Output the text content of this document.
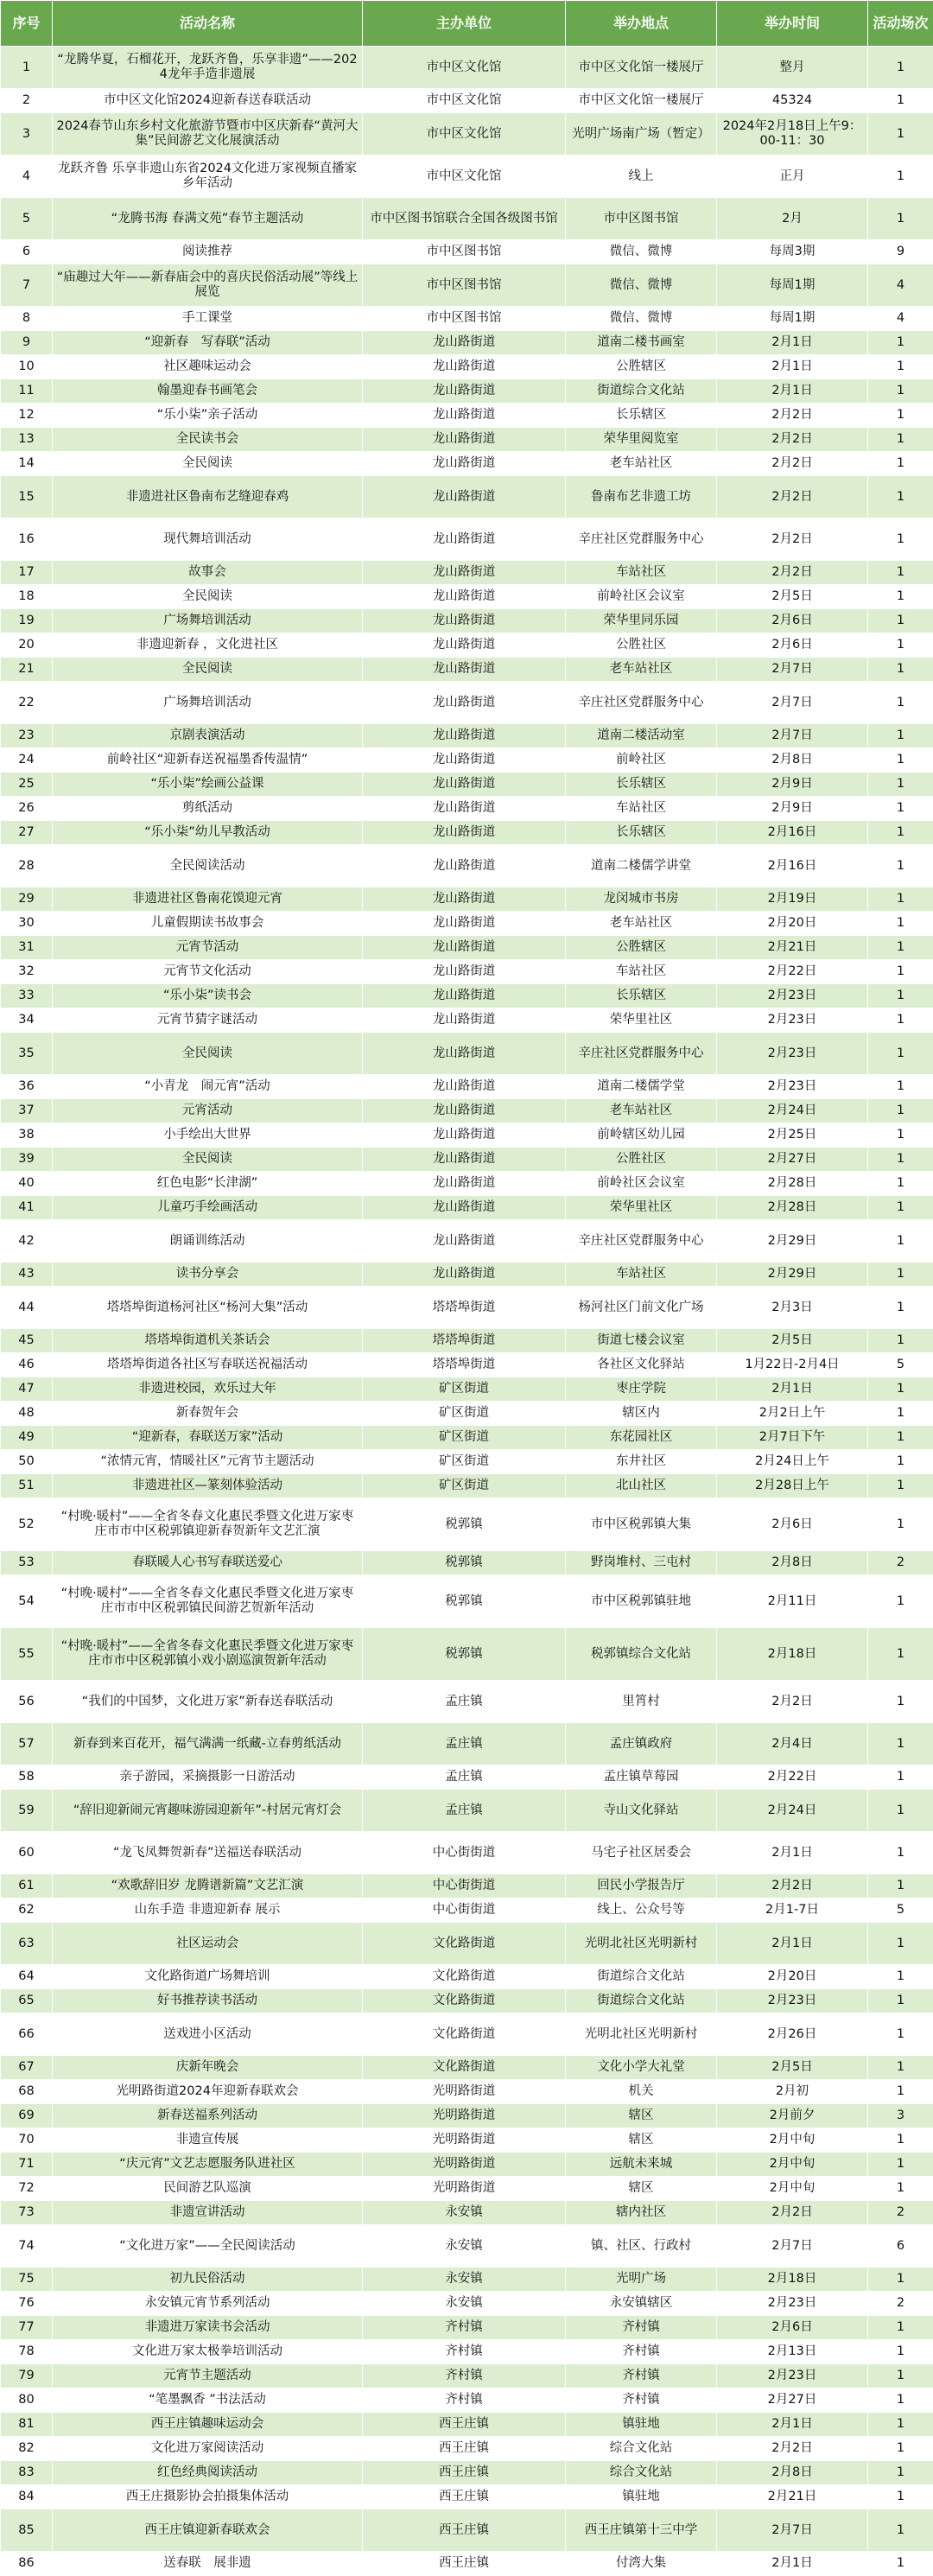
序号	活动名称	主办单位	举办地点	举办时间	活动场次
1	“龙腾华夏，石榴花开，龙跃齐鲁，乐享非遗”——2024龙年手造非遗展	市中区文化馆	市中区文化馆一楼展厅	整月	1
2	市中区文化馆2024迎新春送春联活动	市中区文化馆	市中区文化馆一楼展厅	45324	1
3	2024春节山东乡村文化旅游节暨市中区庆新春“黄河大集”民间游艺文化展演活动	市中区文化馆	光明广场南广场（暂定）	2024年2月18日上午9：00-11：30	1
4	龙跃齐鲁 乐享非遗山东省2024文化进万家视频直播家乡年活动	市中区文化馆	线上	正月	1
5	“龙腾书海 春满文苑”春节主题活动	市中区图书馆联合全国各级图书馆	市中区图书馆	2月	1
6	阅读推荐	市中区图书馆	微信、微博	每周3期	9
7	“庙趣过大年——新春庙会中的喜庆民俗活动展”等线上展览	市中区图书馆	微信、微博	每周1期	4
8	手工课堂	市中区图书馆	微信、微博	每周1期	4
9	“迎新春　写春联”活动	龙山路街道	道南二楼书画室	2月1日	1
10	社区趣味运动会	龙山路街道	公胜辖区	2月1日	1
11	翰墨迎春书画笔会	龙山路街道	街道综合文化站	2月1日	1
12	“乐小柒”亲子活动	龙山路街道	长乐辖区	2月2日	1
13	全民读书会	龙山路街道	荣华里阅览室	2月2日	1
14	全民阅读	龙山路街道	老车站社区	2月2日	1
15	非遗进社区鲁南布艺缝迎春鸡	龙山路街道	鲁南布艺非遗工坊	2月2日	1
16	现代舞培训活动	龙山路街道	辛庄社区党群服务中心	2月2日	1
17	故事会	龙山路街道	车站社区	2月2日	1
18	全民阅读	龙山路街道	前岭社区会议室	2月5日	1
19	广场舞培训活动	龙山路街道	荣华里同乐园	2月6日	1
20	非遗迎新春 ，文化进社区	龙山路街道	公胜社区	2月6日	1
21	全民阅读	龙山路街道	老车站社区	2月7日	1
22	广场舞培训活动	龙山路街道	辛庄社区党群服务中心	2月7日	1
23	京剧表演活动	龙山路街道	道南二楼活动室	2月7日	1
24	前岭社区“迎新春送祝福墨香传温情”	龙山路街道	前岭社区	2月8日	1
25	“乐小柒”绘画公益课	龙山路街道	长乐辖区	2月9日	1
26	剪纸活动	龙山路街道	车站社区	2月9日	1
27	“乐小柒”幼儿早教活动	龙山路街道	长乐辖区	2月16日	1
28	全民阅读活动	龙山路街道	道南二楼儒学讲堂	2月16日	1
29	非遗进社区鲁南花馍迎元宵	龙山路街道	龙闵城市书房	2月19日	1
30	儿童假期读书故事会	龙山路街道	老车站社区	2月20日	1
31	元宵节活动	龙山路街道	公胜辖区	2月21日	1
32	元宵节文化活动	龙山路街道	车站社区	2月22日	1
33	“乐小柒”读书会	龙山路街道	长乐辖区	2月23日	1
34	元宵节猜字谜活动	龙山路街道	荣华里社区	2月23日	1
35	全民阅读	龙山路街道	辛庄社区党群服务中心	2月23日	1
36	“小青龙　闹元宵”活动	龙山路街道	道南二楼儒学堂	2月23日	1
37	元宵活动	龙山路街道	老车站社区	2月24日	1
38	小手绘出大世界	龙山路街道	前岭辖区幼儿园	2月25日	1
39	全民阅读	龙山路街道	公胜社区	2月27日	1
40	红色电影“长津湖”	龙山路街道	前岭社区会议室	2月28日	1
41	儿童巧手绘画活动	龙山路街道	荣华里社区	2月28日	1
42	朗诵训练活动	龙山路街道	辛庄社区党群服务中心	2月29日	1
43	读书分享会	龙山路街道	车站社区	2月29日	1
44	塔塔埠街道杨河社区“杨河大集”活动	塔塔埠街道	杨河社区门前文化广场	2月3日	1
45	塔塔埠街道机关茶话会	塔塔埠街道	街道七楼会议室	2月5日	1
46	塔塔埠街道各社区写春联送祝福活动	塔塔埠街道	各社区文化驿站	1月22日-2月4日	5
47	非遗进校园，欢乐过大年	矿区街道	枣庄学院	2月1日	1
48	新春贺年会	矿区街道	辖区内	2月2日上午	1
49	“迎新春，春联送万家”活动	矿区街道	东花园社区	2月7日下午	1
50	“浓情元宵，情暖社区”元宵节主题活动	矿区街道	东井社区	2月24日上午	1
51	非遗进社区—篆刻体验活动	矿区街道	北山社区	2月28日上午	1
52	“村晚·暖村”——全省冬春文化惠民季暨文化进万家枣庄市市中区税郭镇迎新春贺新年文艺汇演	税郭镇	市中区税郭镇大集	2月6日	1
53	春联暖人心书写春联送爱心	税郭镇	野岗堆村、三屯村	2月8日	2
54	“村晚·暖村”——全省冬春文化惠民季暨文化进万家枣庄市市中区税郭镇民间游艺贺新年活动	税郭镇	市中区税郭镇驻地	2月11日	1
55	“村晚·暖村”——全省冬春文化惠民季暨文化进万家枣庄市市中区税郭镇小戏小剧巡演贺新年活动	税郭镇	税郭镇综合文化站	2月18日	1
56	“我们的中国梦，文化进万家”新春送春联活动	孟庄镇	里筲村	2月2日	1
57	新春到来百花开，福气满满一纸藏-立春剪纸活动	孟庄镇	孟庄镇政府	2月4日	1
58	亲子游园，采摘摄影一日游活动	孟庄镇	孟庄镇草莓园	2月22日	1
59	“辞旧迎新闹元宵趣味游园迎新年”-村居元宵灯会	孟庄镇	寺山文化驿站	2月24日	1
60	“龙飞凤舞贺新春”送福送春联活动	中心街街道	马宅子社区居委会	2月1日	1
61	“欢歌辞旧岁 龙腾谱新篇”文艺汇演	中心街街道	回民小学报告厅	2月2日	1
62	山东手造 非遗迎新春 展示	中心街街道	线上、公众号等	2月1-7日	5
63	社区运动会	文化路街道	光明北社区光明新村	2月1日	1
64	文化路街道广场舞培训	文化路街道	街道综合文化站	2月20日	1
65	好书推荐读书活动	文化路街道	街道综合文化站	2月23日	1
66	送戏进小区活动	文化路街道	光明北社区光明新村	2月26日	1
67	庆新年晚会	文化路街道	文化小学大礼堂	2月5日	1
68	光明路街道2024年迎新春联欢会	光明路街道	机关	2月初	1
69	新春送福系列活动	光明路街道	辖区	2月前夕	3
70	非遗宣传展	光明路街道	辖区	2月中旬	1
71	“庆元宵”文艺志愿服务队进社区	光明路街道	远航未来城	2月中旬	1
72	民间游艺队巡演	光明路街道	辖区	2月中旬	1
73	非遗宣讲活动	永安镇	辖内社区	2月2日	2
74	“文化进万家”——全民阅读活动	永安镇	镇、社区、行政村	2月7日	6
75	初九民俗活动	永安镇	光明广场	2月18日	1
76	永安镇元宵节系列活动	永安镇	永安镇辖区	2月23日	2
77	非遗进万家读书会活动	齐村镇	齐村镇	2月6日	1
78	文化进万家太极拳培训活动	齐村镇	齐村镇	2月13日	1
79	元宵节主题活动	齐村镇	齐村镇	2月23日	1
80	“笔墨飘香 ”书法活动	齐村镇	齐村镇	2月27日	1
81	西王庄镇趣味运动会	西王庄镇	镇驻地	2月1日	1
82	文化进万家阅读活动	西王庄镇	综合文化站	2月2日	1
83	红色经典阅读活动	西王庄镇	综合文化站	2月8日	1
84	西王庄摄影协会拍摄集体活动	西王庄镇	镇驻地	2月21日	1
85	西王庄镇迎新春联欢会	西王庄镇	西王庄镇第十三中学	2月7日	1
86	送春联　展非遗	西王庄镇	付湾大集	2月1日	1
